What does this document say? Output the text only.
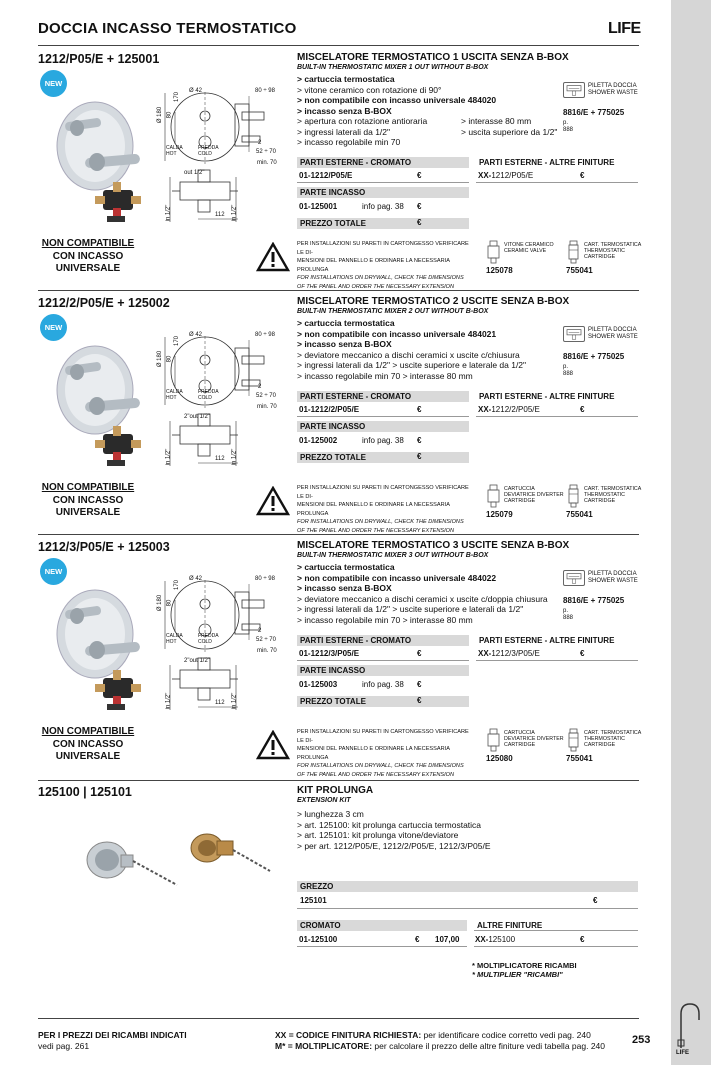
DOCCIA INCASSO TERMOSTATICO	LIFE
1212/P05/E + 125001
NEW
Ø 42
Ø 180 80
170
80 ÷ 98
2
52 ÷ 70
min. 70
CALDA HOT
FREDDA COLD
out 1/2"
in 1/2"	in 1/2"
112
MISCELATORE TERMOSTATICO 1 USCITA SENZA B-BOX
BUILT-IN THERMOSTATIC MIXER 1 OUT WITHOUT B-BOX
> cartuccia termostatica
> vitone ceramico con rotazione di 90°
> non compatibile con incasso universale 484020
> incasso senza B-BOX
> apertura con rotazione antioraria
> ingressi laterali da 1/2"
> incasso regolabile min 70
> interasse 80 mm
> uscita superiore da 1/2"
PILETTA DOCCIA SHOWER WASTE
8816/E + 775025
p. 888
PARTI ESTERNE - CROMATO	PARTI ESTERNE - ALTRE FINITURE
01-1212/P05/E	€	XX-1212/P05/E	€
PARTE INCASSO
01-125001	info pag. 38 €
PREZZO TOTALE	€
NON COMPATIBILE
CON INCASSO
UNIVERSALE
PER INSTALLAZIONI SU PARETI IN CARTONGESSO VERIFICARE LE DI-
MENSIONI DEL PANNELLO E ORDINARE LA NECESSARIA PROLUNGA
FOR INSTALLATIONS ON DRYWALL, CHECK THE DIMENSIONS
OF THE PANEL AND ORDER THE NECESSARY EXTENSION
VITONE CERAMICO CERAMIC VALVE
125078
CART. TERMOSTATICA THERMOSTATIC CARTRIDGE
755041
1212/2/P05/E + 125002
NEW
Ø 42
Ø 180 80
170
80 ÷ 98
2
52 ÷ 70
min. 70
CALDA HOT
FREDDA COLD
2"out 1/2"
in 1/2"	in 1/2"
112
MISCELATORE TERMOSTATICO 2 USCITE SENZA B-BOX
BUILT-IN THERMOSTATIC MIXER 2 OUT WITHOUT B-BOX
> cartuccia termostatica
> non compatibile con incasso universale 484021
> incasso senza B-BOX
> deviatore meccanico a dischi ceramici x uscite c/chiusura
> ingressi laterali da 1/2" > uscite superiore e laterale da 1/2"
> incasso regolabile min 70 > interasse 80 mm
PILETTA DOCCIA SHOWER WASTE
8816/E + 775025
p. 888
PARTI ESTERNE - CROMATO	PARTI ESTERNE - ALTRE FINITURE
01-1212/2/P05/E	€	XX-1212/2/P05/E	€
PARTE INCASSO
01-125002	info pag. 38 €
PREZZO TOTALE	€
NON COMPATIBILE
CON INCASSO
UNIVERSALE
PER INSTALLAZIONI SU PARETI IN CARTONGESSO VERIFICARE LE DI-
MENSIONI DEL PANNELLO E ORDINARE LA NECESSARIA PROLUNGA
FOR INSTALLATIONS ON DRYWALL, CHECK THE DIMENSIONS
OF THE PANEL AND ORDER THE NECESSARY EXTENSION
CARTUCCIA DEVIATRICE DIVERTER CARTRIDGE
125079
CART. TERMOSTATICA THERMOSTATIC CARTRIDGE
755041
1212/3/P05/E + 125003
NEW
Ø 42
Ø 180 80
170
80 ÷ 98
2
52 ÷ 70
min. 70
CALDA HOT
FREDDA COLD
2"out 1/2"
in 1/2"	in 1/2"
112
MISCELATORE TERMOSTATICO 3 USCITE SENZA B-BOX
BUILT-IN THERMOSTATIC MIXER 3 OUT WITHOUT B-BOX
> cartuccia termostatica
> non compatibile con incasso universale 484022
> incasso senza B-BOX
> deviatore meccanico a dischi ceramici x uscite c/doppia chiusura
> ingressi laterali da 1/2" > uscite superiore e laterali da 1/2"
> incasso regolabile min 70 > interasse 80 mm
PILETTA DOCCIA SHOWER WASTE
8816/E + 775025
p. 888
PARTI ESTERNE - CROMATO	PARTI ESTERNE - ALTRE FINITURE
01-1212/3/P05/E	€	XX-1212/3/P05/E	€
PARTE INCASSO
01-125003	info pag. 38 €
PREZZO TOTALE	€
NON COMPATIBILE
CON INCASSO
UNIVERSALE
PER INSTALLAZIONI SU PARETI IN CARTONGESSO VERIFICARE LE DI-
MENSIONI DEL PANNELLO E ORDINARE LA NECESSARIA PROLUNGA
FOR INSTALLATIONS ON DRYWALL, CHECK THE DIMENSIONS
OF THE PANEL AND ORDER THE NECESSARY EXTENSION
CARTUCCIA DEVIATRICE DIVERTER CARTRIDGE
125080
CART. TERMOSTATICA THERMOSTATIC CARTRIDGE
755041
125100 | 125101	KIT PROLUNGA
EXTENSION KIT
> lunghezza 3 cm
> art. 125100: kit prolunga cartuccia termostatica
> art. 125101: kit prolunga vitone/deviatore
> per art. 1212/P05/E, 1212/2/P05/E, 1212/3/P05/E
GREZZO
125101	€
CROMATO	ALTRE FINITURE
01-125100	€ 107,00 XX-125100	€
* MOLTIPLICATORE RICAMBI
* MULTIPLIER "RICAMBI"
PER I PREZZI DEI RICAMBI INDICATI
vedi pag. 261
XX = CODICE FINITURA RICHIESTA: per identificare codice corretto vedi pag. 240
M* = MOLTIPLICATORE: per calcolare il prezzo delle altre finiture vedi tabella pag. 240 253
LIFE
